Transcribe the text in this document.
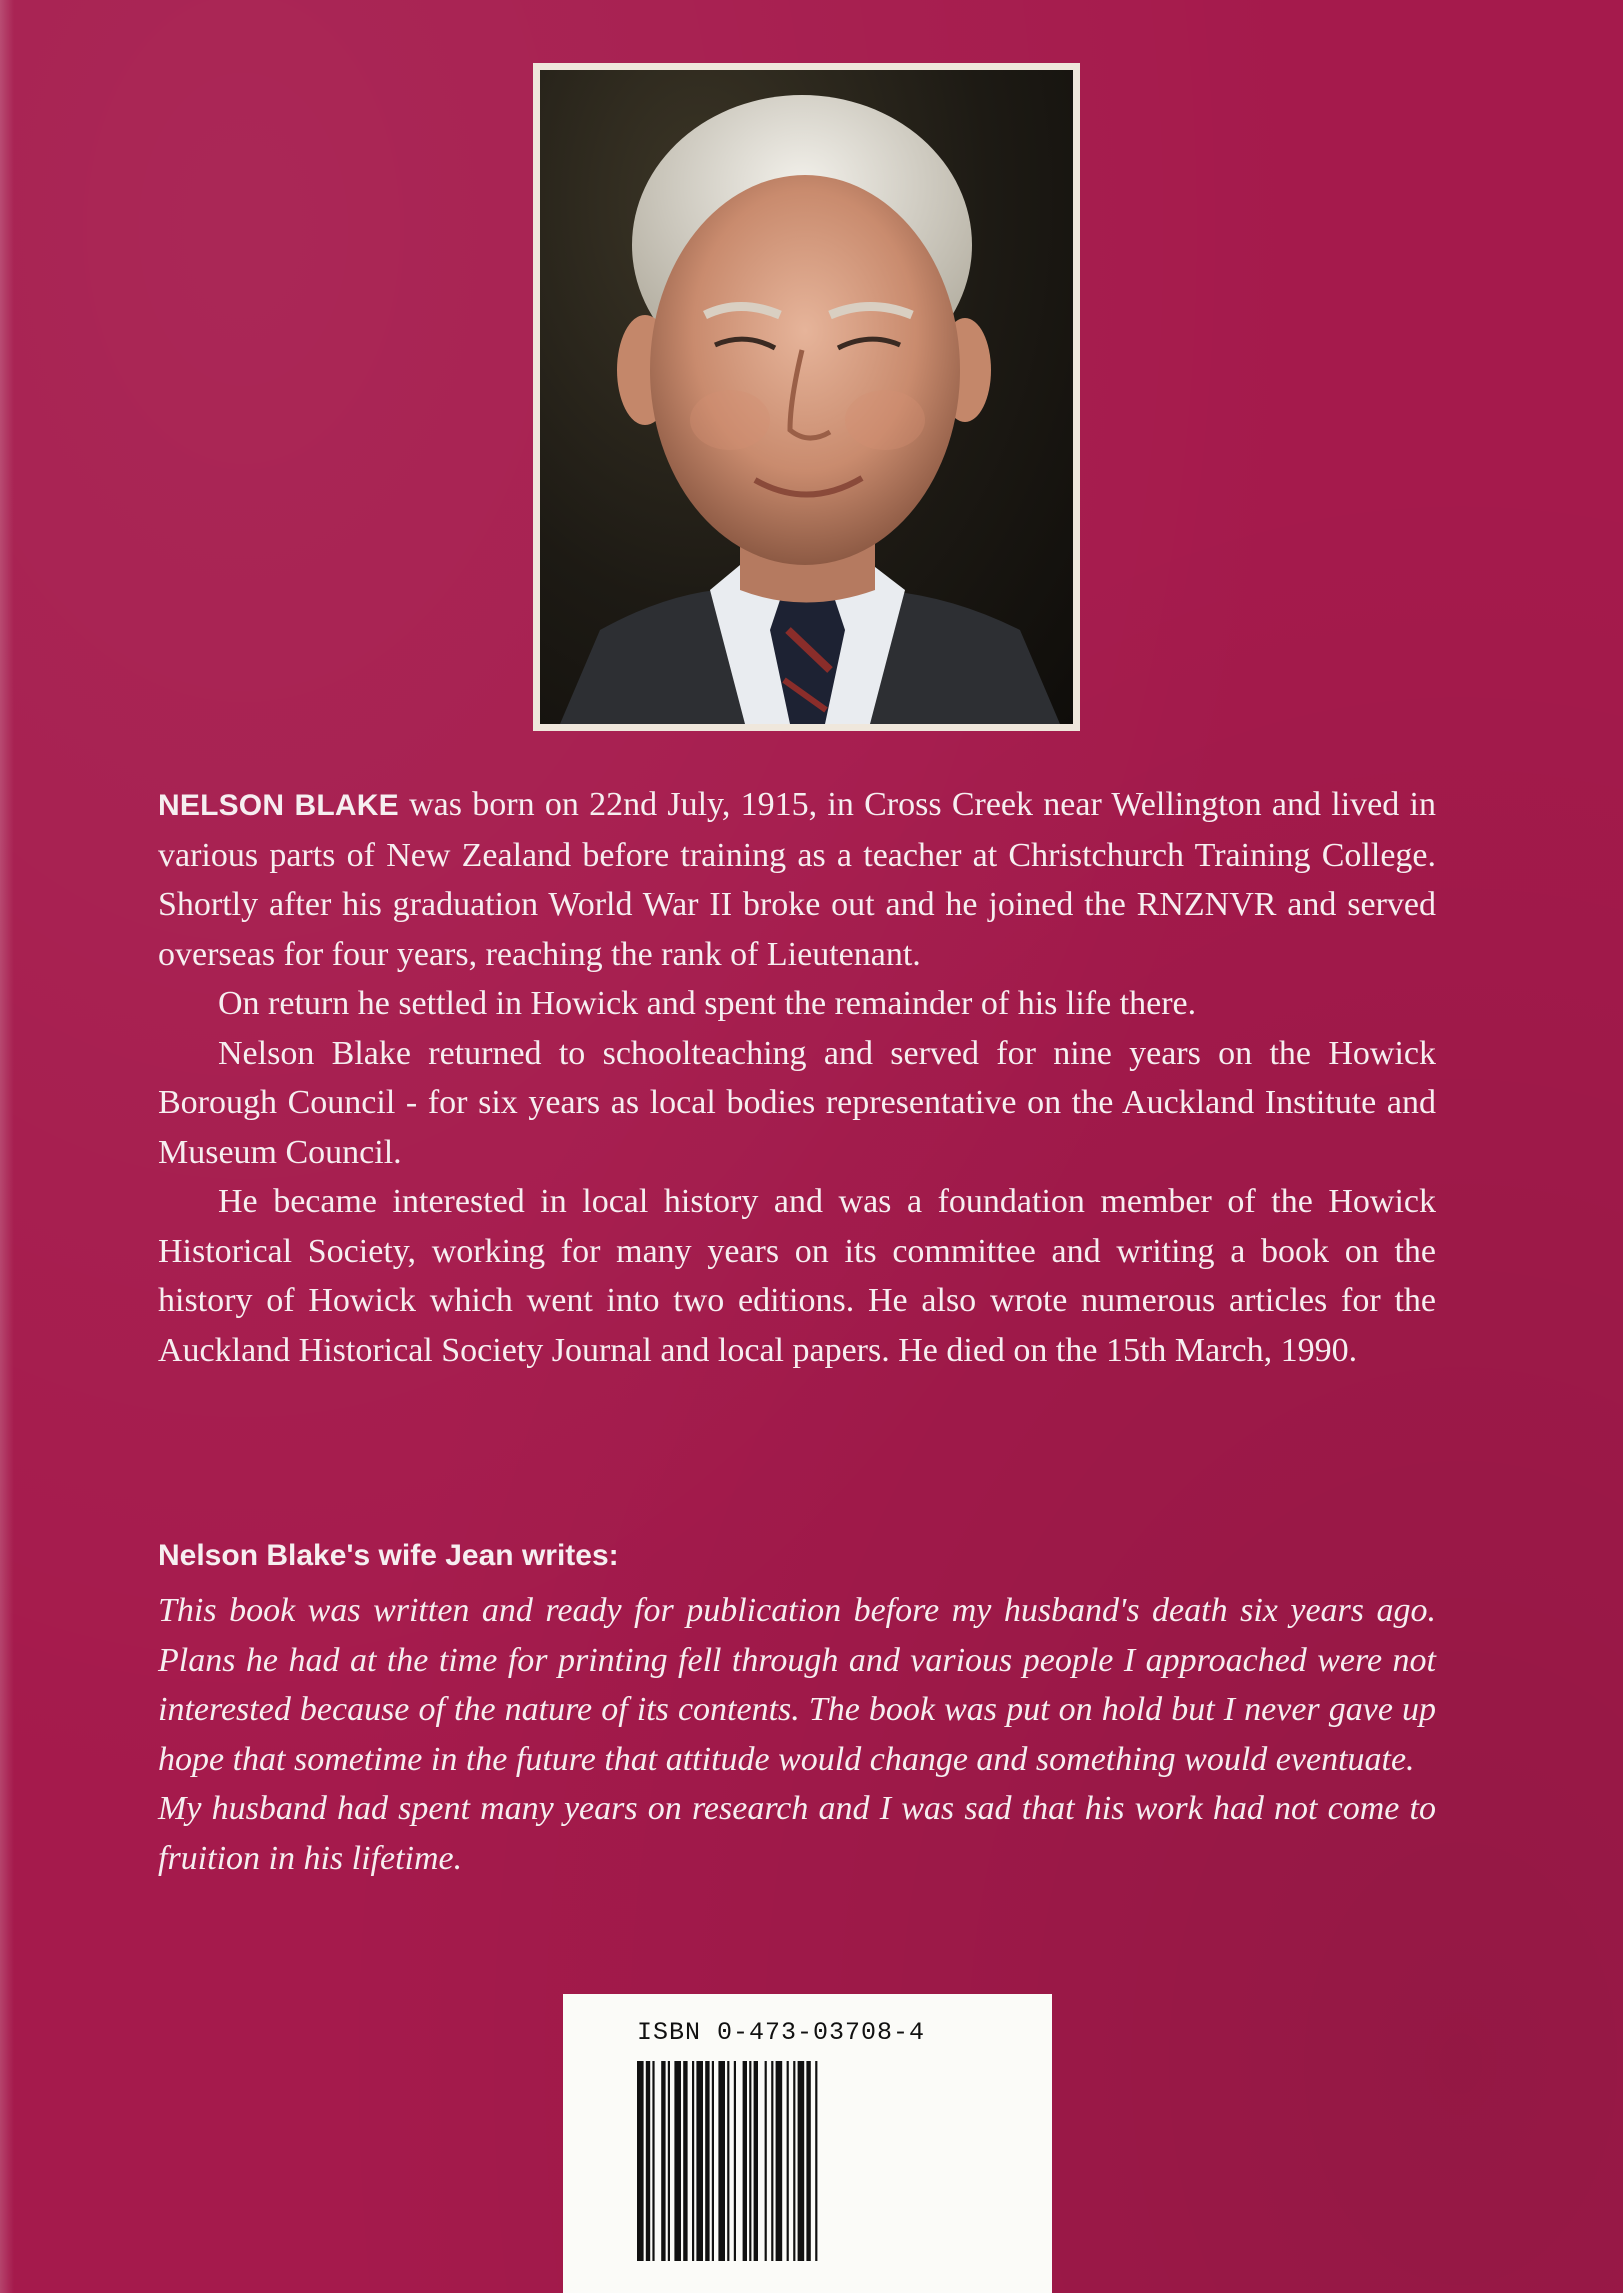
NELSON BLAKE was born on 22nd July, 1915, in Cross Creek near Wellington and lived in various parts of New Zealand before training as a teacher at Christchurch Training College. Shortly after his graduation World War II broke out and he joined the RNZNVR and served overseas for four years, reaching the rank of Lieutenant.

On return he settled in Howick and spent the remainder of his life there.

Nelson Blake returned to schoolteaching and served for nine years on the Howick Borough Council - for six years as local bodies representative on the Auckland Institute and Museum Council.

He became interested in local history and was a foundation member of the Howick Historical Society, working for many years on its committee and writing a book on the history of Howick which went into two editions. He also wrote numerous articles for the Auckland Historical Society Journal and local papers. He died on the 15th March, 1990.

Nelson Blake's wife Jean writes:

This book was written and ready for publication before my husband's death six years ago. Plans he had at the time for printing fell through and various people I approached were not interested because of the nature of its contents. The book was put on hold but I never gave up hope that sometime in the future that attitude would change and something would eventuate.

My husband had spent many years on research and I was sad that his work had not come to fruition in his lifetime.

ISBN 0-473-03708-4
